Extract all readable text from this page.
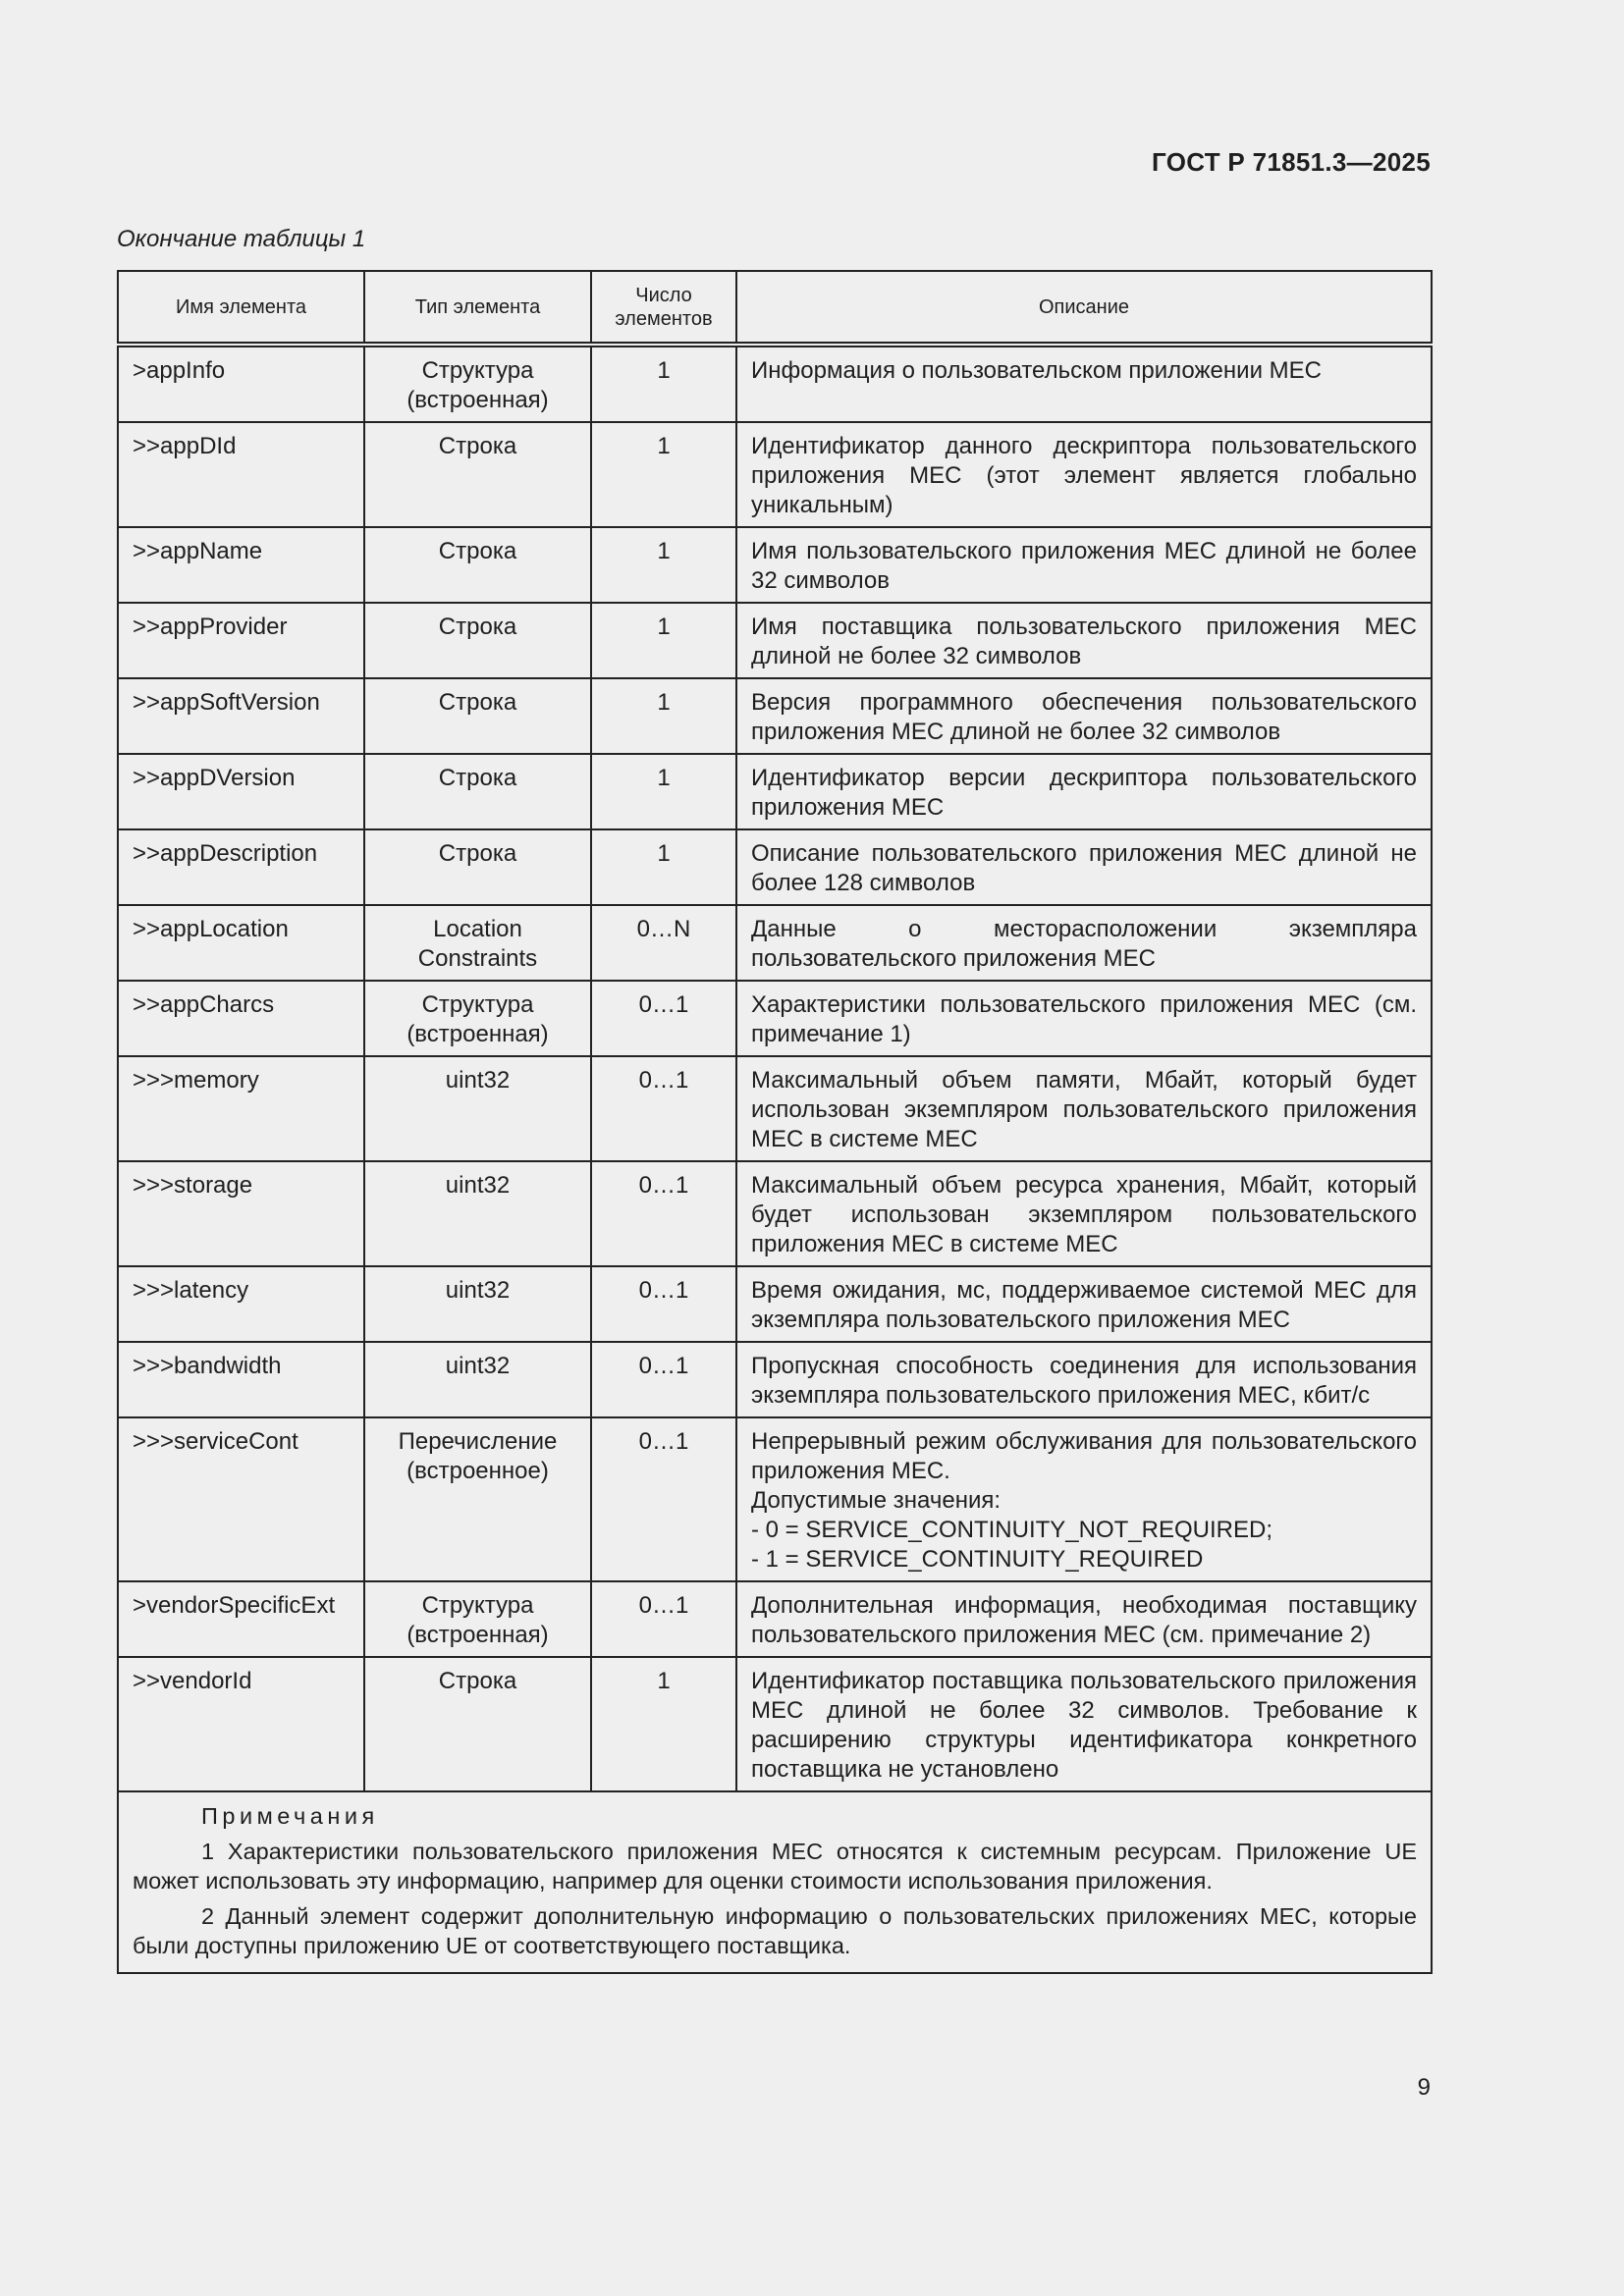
ГОСТ Р 71851.3—2025
Окончание таблицы 1
Имя элемента	Тип элемента	Число элементов	Описание

>appInfo	Структура (встроенная)	1	Информация о пользовательском приложении MEC

>>appDId	Строка	1	Идентификатор данного дескриптора пользовательского приложения MEC (этот элемент является глобально уникальным)

>>appName	Строка	1	Имя пользовательского приложения MEC длиной не более 32 символов

>>appProvider	Строка	1	Имя поставщика пользовательского приложения MEC длиной не более 32 символов

>>appSoftVersion	Строка	1	Версия программного обеспечения пользовательского приложения MEC длиной не более 32 символов

>>appDVersion	Строка	1	Идентификатор версии дескриптора пользовательского приложения MEC

>>appDescription	Строка	1	Описание пользовательского приложения MEC длиной не более 128 символов

>>appLocation	Location Constraints	0…N	Данные о месторасположении экземпляра пользовательского приложения MEC

>>appCharcs	Структура (встроенная)	0…1	Характеристики пользовательского приложения MEC (см. примечание 1)

>>>memory	uint32	0…1	Максимальный объем памяти, Мбайт, который будет использован экземпляром пользовательского приложения MEC в системе MEC

>>>storage	uint32	0…1	Максимальный объем ресурса хранения, Мбайт, который будет использован экземпляром пользовательского приложения MEC в системе MEC

>>>latency	uint32	0…1	Время ожидания, мс, поддерживаемое системой MEC для экземпляра пользовательского приложения MEC

>>>bandwidth	uint32	0…1	Пропускная способность соединения для использования экземпляра пользовательского приложения MEC, кбит/с

>>>serviceCont	Перечисление (встроенное)	0…1	Непрерывный режим обслуживания для пользовательского приложения MEC.
Допустимые значения:
- 0 = SERVICE_CONTINUITY_NOT_REQUIRED;
- 1 = SERVICE_CONTINUITY_REQUIRED

>vendorSpecificExt	Структура (встроенная)	0…1	Дополнительная информация, необходимая поставщику пользовательского приложения MEC (см. примечание 2)

>>vendorId	Строка	1	Идентификатор поставщика пользовательского приложения MEC длиной не более 32 символов. Требование к расширению структуры идентификатора конкретного поставщика не установлено

Примечания
1 Характеристики пользовательского приложения MEC относятся к системным ресурсам. Приложение UE может использовать эту информацию, например для оценки стоимости использования приложения.
2 Данный элемент содержит дополнительную информацию о пользовательских приложениях MEC, которые были доступны приложению UE от соответствующего поставщика.			
9
